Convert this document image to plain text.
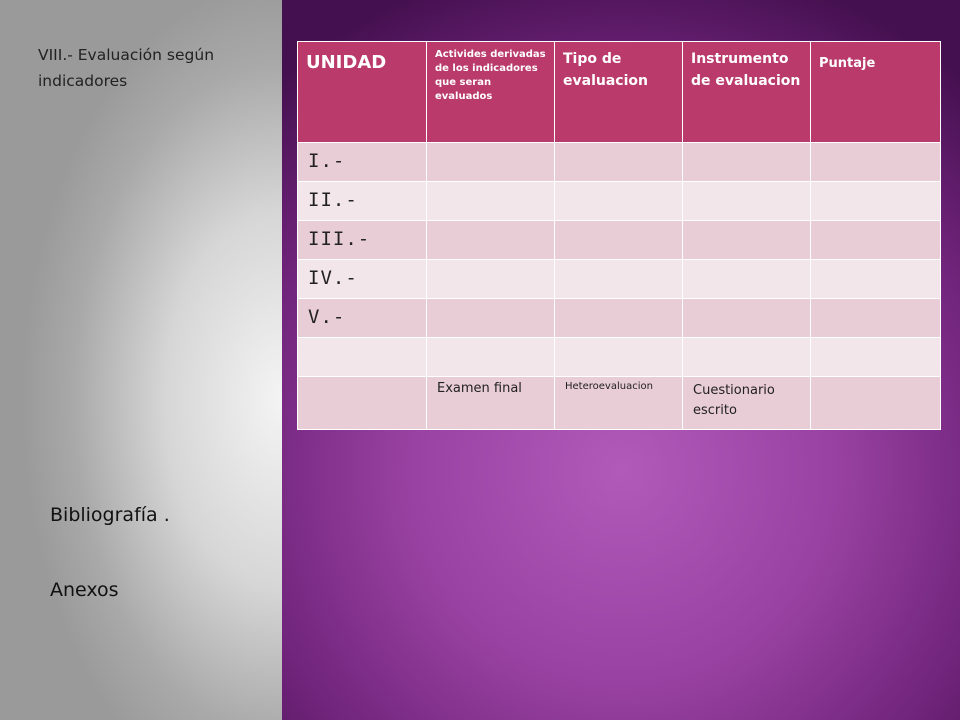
VIII.- Evaluación según indicadores

Bibliografía .
Anexos
UNIDAD	Activides derivadas de los indicadores que seran evaluados	Tipo de evaluacion	Instrumento de evaluacion	Puntaje
I.-				
II.-				
III.-				
IV.-				
V.-				

	Examen final	Heteroevaluacion	Cuestionario escrito	
